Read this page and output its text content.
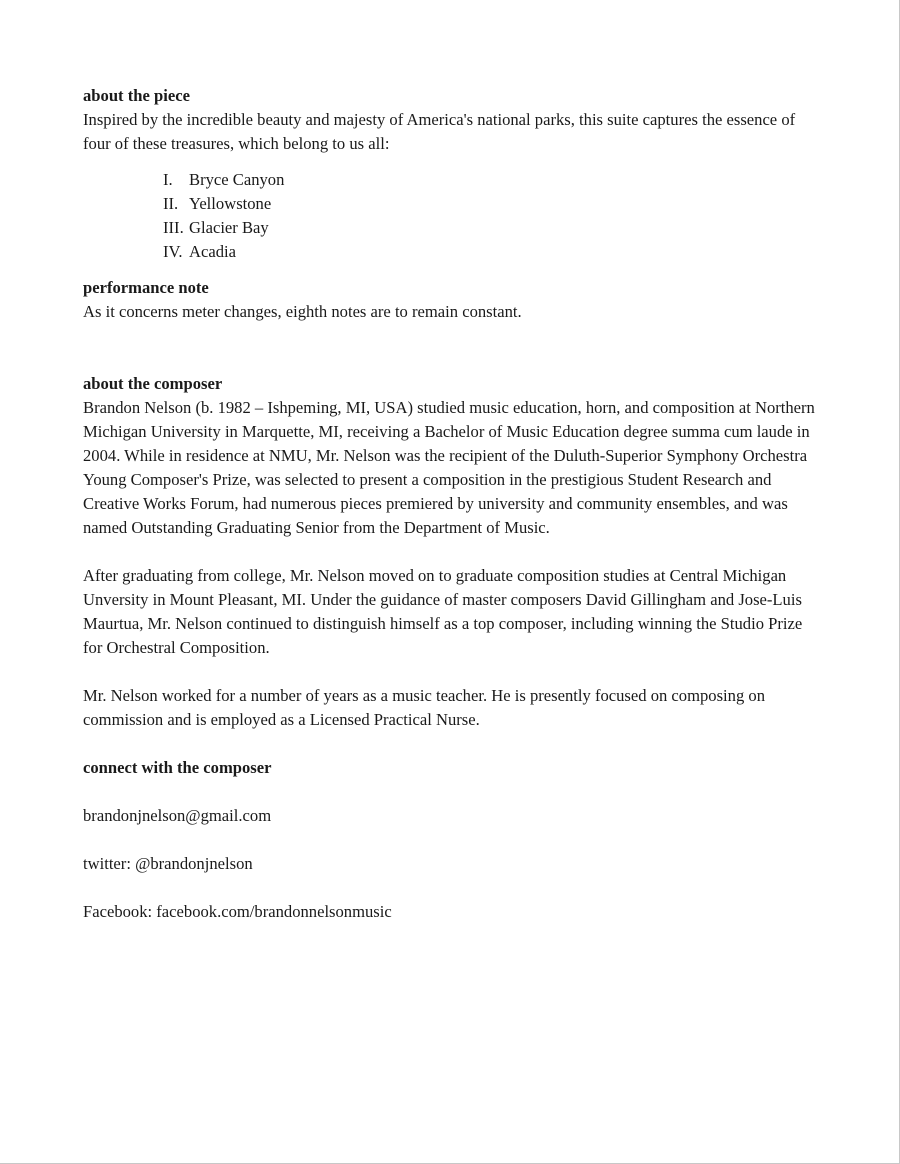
about the piece

Inspired by the incredible beauty and majesty of America's national parks, this suite captures the essence of four of these treasures, which belong to us all:

I. Bryce Canyon
II. Yellowstone
III. Glacier Bay
IV. Acadia
performance note

As it concerns meter changes, eighth notes are to remain constant.

about the composer

Brandon Nelson (b. 1982 – Ishpeming, MI, USA) studied music education, horn, and composition at Northern Michigan University in Marquette, MI, receiving a Bachelor of Music Education degree summa cum laude in 2004. While in residence at NMU, Mr. Nelson was the recipient of the Duluth-Superior Symphony Orchestra Young Composer's Prize, was selected to present a composition in the prestigious Student Research and Creative Works Forum, had numerous pieces premiered by university and community ensembles, and was named Outstanding Graduating Senior from the Department of Music.

After graduating from college, Mr. Nelson moved on to graduate composition studies at Central Michigan Unversity in Mount Pleasant, MI. Under the guidance of master composers David Gillingham and Jose-Luis Maurtua, Mr. Nelson continued to distinguish himself as a top composer, including winning the Studio Prize for Orchestral Composition.

Mr. Nelson worked for a number of years as a music teacher. He is presently focused on composing on commission and is employed as a Licensed Practical Nurse.

connect with the composer

brandonjnelson@gmail.com

twitter: @brandonjnelson

Facebook: facebook.com/brandonnelsonmusic
